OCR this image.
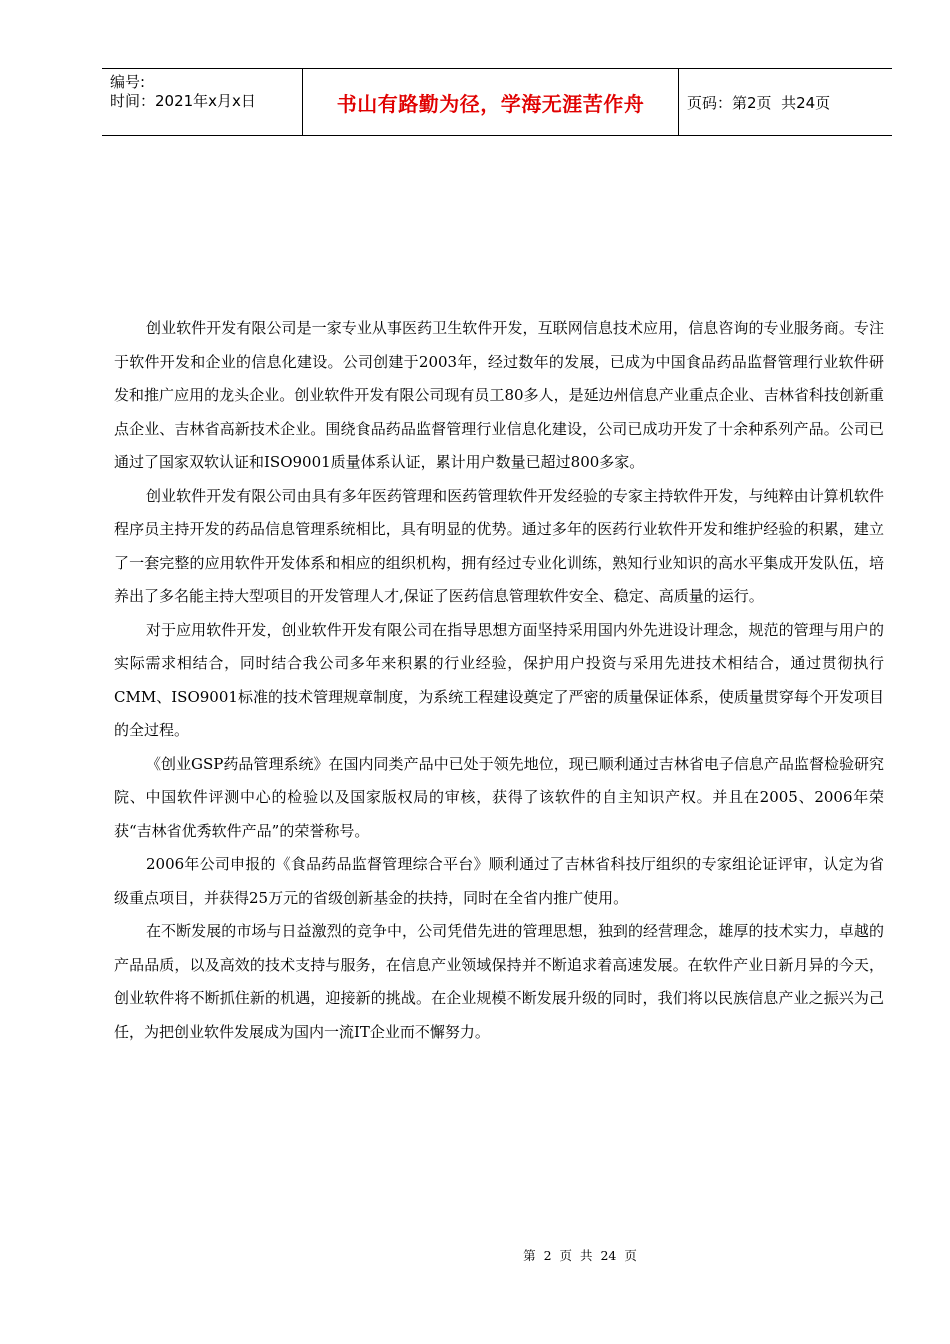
编号:
时间：2021年x月x日	书山有路勤为径，学海无涯苦作舟	页码：第2页  共24页

创业软件开发有限公司是一家专业从事医药卫生软件开发，互联网信息技术应用，信息咨询的专业服务商。专注于软件开发和企业的信息化建设。公司创建于2003年，经过数年的发展，已成为中国食品药品监督管理行业软件研发和推广应用的龙头企业。创业软件开发有限公司现有员工80多人，是延边州信息产业重点企业、吉林省科技创新重点企业、吉林省高新技术企业。围绕食品药品监督管理行业信息化建设，公司已成功开发了十余种系列产品。公司已通过了国家双软认证和ISO9001质量体系认证，累计用户数量已超过800多家。

创业软件开发有限公司由具有多年医药管理和医药管理软件开发经验的专家主持软件开发，与纯粹由计算机软件程序员主持开发的药品信息管理系统相比，具有明显的优势。通过多年的医药行业软件开发和维护经验的积累，建立了一套完整的应用软件开发体系和相应的组织机构，拥有经过专业化训练，熟知行业知识的高水平集成开发队伍，培养出了多名能主持大型项目的开发管理人才,保证了医药信息管理软件安全、稳定、高质量的运行。

对于应用软件开发，创业软件开发有限公司在指导思想方面坚持采用国内外先进设计理念，规范的管理与用户的实际需求相结合，同时结合我公司多年来积累的行业经验，保护用户投资与采用先进技术相结合，通过贯彻执行CMM、ISO9001标准的技术管理规章制度，为系统工程建设奠定了严密的质量保证体系，使质量贯穿每个开发项目的全过程。

《创业GSP药品管理系统》在国内同类产品中已处于领先地位，现已顺利通过吉林省电子信息产品监督检验研究院、中国软件评测中心的检验以及国家版权局的审核，获得了该软件的自主知识产权。并且在2005、2006年荣获“吉林省优秀软件产品”的荣誉称号。

2006年公司申报的《食品药品监督管理综合平台》顺利通过了吉林省科技厅组织的专家组论证评审，认定为省级重点项目，并获得25万元的省级创新基金的扶持，同时在全省内推广使用。

在不断发展的市场与日益激烈的竞争中，公司凭借先进的管理思想，独到的经营理念，雄厚的技术实力，卓越的产品品质，以及高效的技术支持与服务，在信息产业领域保持并不断追求着高速发展。在软件产业日新月异的今天，创业软件将不断抓住新的机遇，迎接新的挑战。在企业规模不断发展升级的同时，我们将以民族信息产业之振兴为己任，为把创业软件发展成为国内一流IT企业而不懈努力。

第 2 页 共 24 页
